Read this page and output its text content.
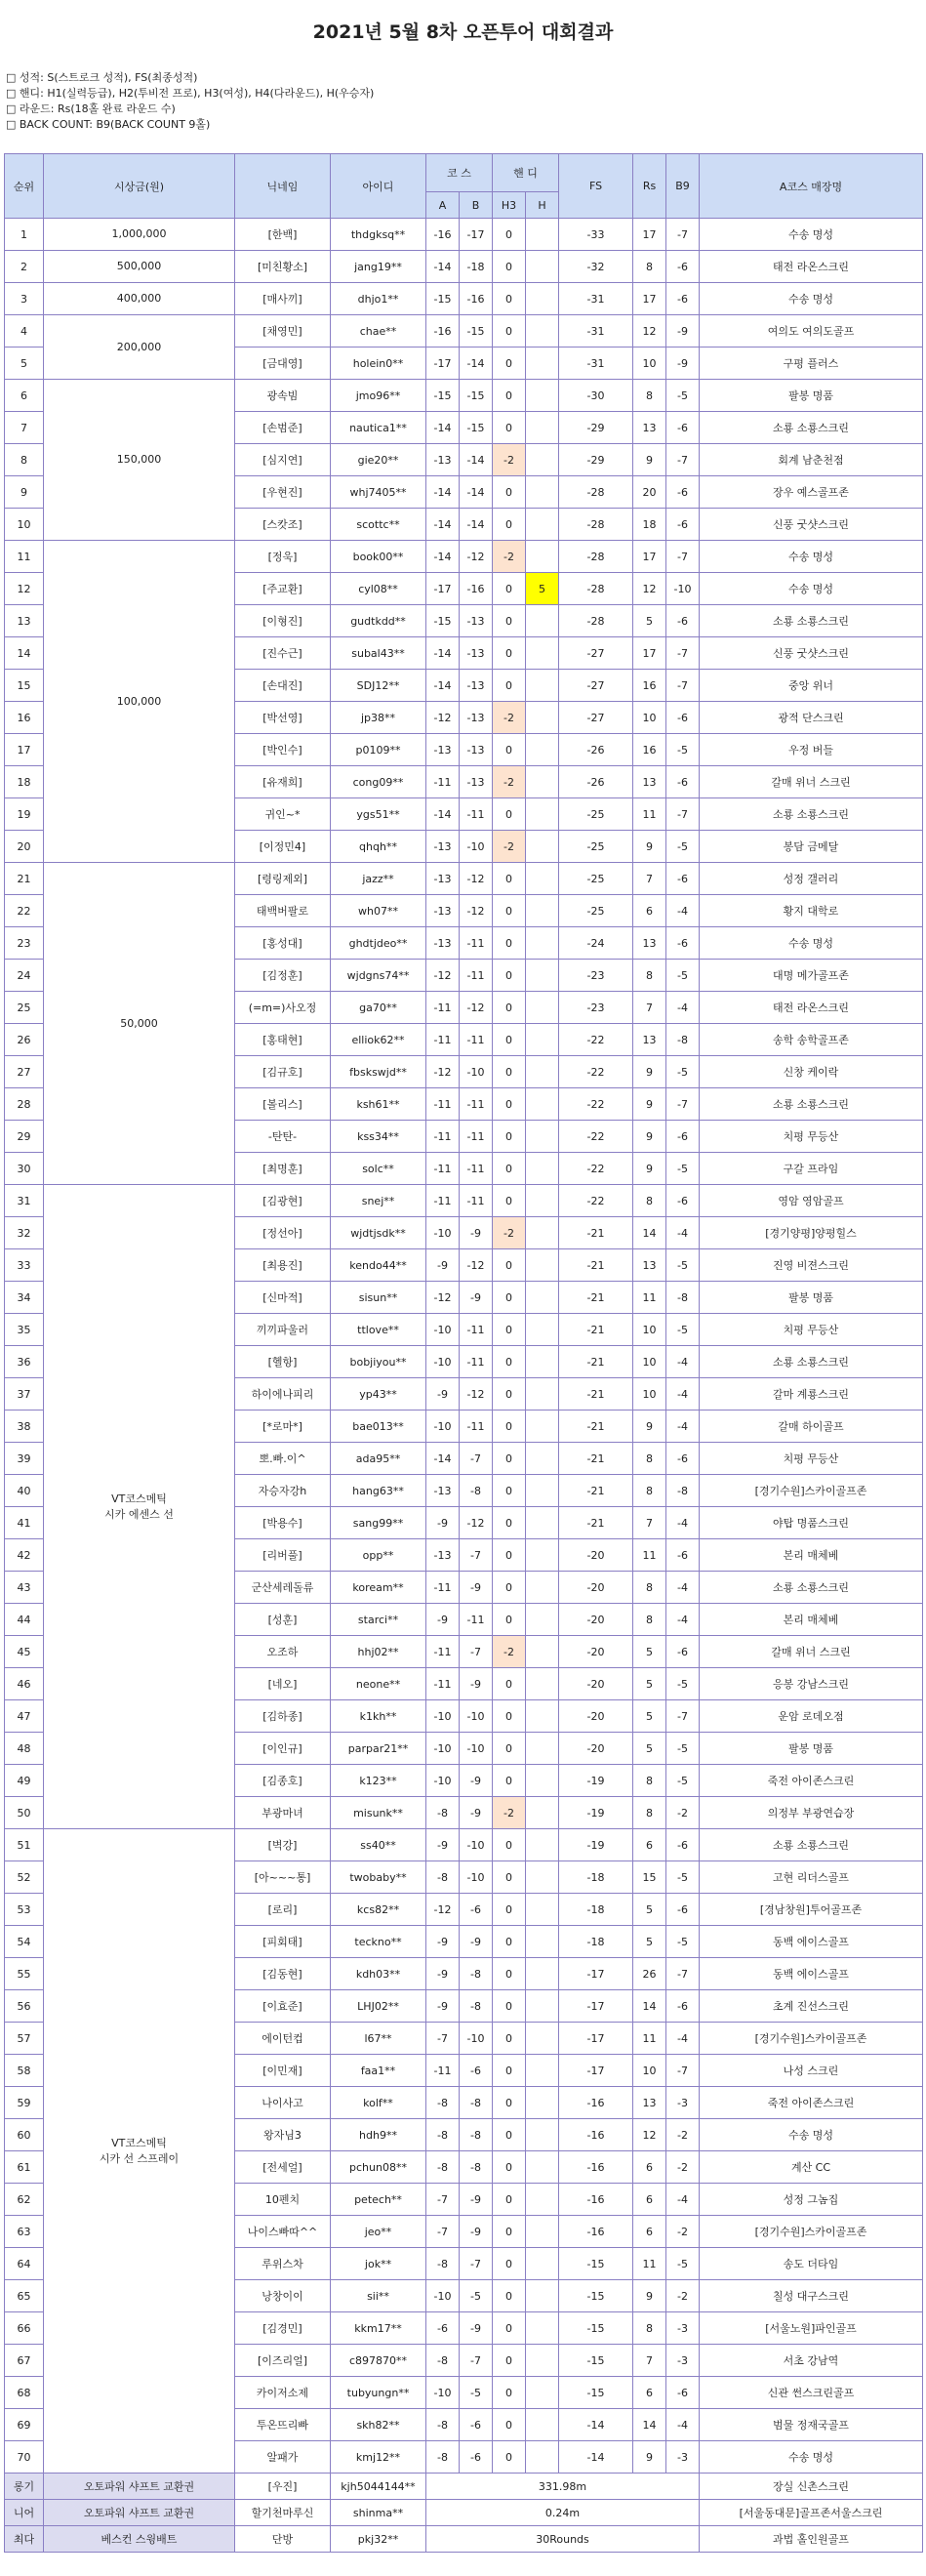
2021년 5월 8차 오픈투어 대회결과
□ 성적: S(스트로크 성적), FS(최종성적)
□ 핸디: H1(실력등급), H2(투비전 프로), H3(여성), H4(다라운드), H(우승자)
□ 라운드: Rs(18홀 완료 라운드 수)
□ BACK COUNT: B9(BACK COUNT 9홀)
순위	시상금(원)	닉네임	아이디	코 스		핸 디		FS	Rs	B9	A코스 매장명
				A	B	H3	H				
1	1,000,000	[한백]	thdgksq**	-16	-17	0		-33	17	-7	수송 명성
2	500,000	[미친황소]	jang19**	-14	-18	0		-32	8	-6	태전 라온스크린
3	400,000	[매사끼]	dhjo1**	-15	-16	0		-31	17	-6	수송 명성
4	200,000	[채영민]	chae**	-16	-15	0		-31	12	-9	여의도 여의도골프
5		[금대영]	holein0**	-17	-14	0		-31	10	-9	구평 플러스
6	150,000	광속빔	jmo96**	-15	-15	0		-30	8	-5	팔봉 명품
7		[손범준]	nautica1**	-14	-15	0		-29	13	-6	소룡 소룡스크린
8		[심지연]	gie20**	-13	-14	-2		-29	9	-7	회계 남춘천점
9		[우현진]	whj7405**	-14	-14	0		-28	20	-6	장우 예스골프존
10		[스캇조]	scottc**	-14	-14	0		-28	18	-6	신풍 굿샷스크린
11	100,000	[정욱]	book00**	-14	-12	-2		-28	17	-7	수송 명성
12		[주교환]	cyl08**	-17	-16	0	5	-28	12	-10	수송 명성
13		[이형진]	gudtkdd**	-15	-13	0		-28	5	-6	소룡 소룡스크린
14		[진수근]	subal43**	-14	-13	0		-27	17	-7	신풍 굿샷스크린
15		[손대진]	SDJ12**	-14	-13	0		-27	16	-7	중앙 위너
16		[박선영]	jp38**	-12	-13	-2		-27	10	-6	광적 단스크린
17		[박인수]	p0109**	-13	-13	0		-26	16	-5	우정 버들
18		[유재희]	cong09**	-11	-13	-2		-26	13	-6	갈매 위너 스크린
19		귀인~*	ygs51**	-14	-11	0		-25	11	-7	소룡 소룡스크린
20		[이정민4]	qhqh**	-13	-10	-2		-25	9	-5	봉담 금메달
21	50,000	[령링제외]	jazz**	-13	-12	0		-25	7	-6	성정 갤러리
22		태백버팔로	wh07**	-13	-12	0		-25	6	-4	황지 대학로
23		[홍성대]	ghdtjdeo**	-13	-11	0		-24	13	-6	수송 명성
24		[김정훈]	wjdgns74**	-12	-11	0		-23	8	-5	대명 메가골프존
25		(=m=)사오정	ga70**	-11	-12	0		-23	7	-4	태전 라온스크린
26		[홍태현]	elliok62**	-11	-11	0		-22	13	-8	송학 송학골프존
27		[김규호]	fbskswjd**	-12	-10	0		-22	9	-5	신창 케이락
28		[볼리스]	ksh61**	-11	-11	0		-22	9	-7	소룡 소룡스크린
29		-탄탄-	kss34**	-11	-11	0		-22	9	-6	치평 무등산
30		[최명훈]	solc**	-11	-11	0		-22	9	-5	구갈 프라임
31	VT코스메틱
시카 에센스 선	[김광현]	snej**	-11	-11	0		-22	8	-6	영암 영암골프
32		[정선아]	wjdtjsdk**	-10	-9	-2		-21	14	-4	[경기양평]양평힐스
33		[최용진]	kendo44**	-9	-12	0		-21	13	-5	진영 비젼스크린
34		[신마적]	sisun**	-12	-9	0		-21	11	-8	팔봉 명품
35		끼끼파울러	ttlove**	-10	-11	0		-21	10	-5	치평 무등산
36		[헬항]	bobjiyou**	-10	-11	0		-21	10	-4	소룡 소룡스크린
37		하이에나피리	yp43**	-9	-12	0		-21	10	-4	갈마 계룡스크린
38		[*로마*]	bae013**	-10	-11	0		-21	9	-4	갈매 하이골프
39		뽀.빠.이^	ada95**	-14	-7	0		-21	8	-6	치평 무등산
40		자승자강h	hang63**	-13	-8	0		-21	8	-8	[경기수원]스카이골프존
41		[박용수]	sang99**	-9	-12	0		-21	7	-4	야탑 명품스크린
42		[리버풀]	opp**	-13	-7	0		-20	11	-6	본리 매체베
43		군산세레돌류	koream**	-11	-9	0		-20	8	-4	소룡 소룡스크린
44		[성훈]	starci**	-9	-11	0		-20	8	-4	본리 매체베
45		오조하	hhj02**	-11	-7	-2		-20	5	-6	갈매 위너 스크린
46		[네오]	neone**	-11	-9	0		-20	5	-5	응봉 강남스크린
47		[김하종]	k1kh**	-10	-10	0		-20	5	-7	운암 로데오점
48		[이인규]	parpar21**	-10	-10	0		-20	5	-5	팔봉 명품
49		[김종호]	k123**	-10	-9	0		-19	8	-5	죽전 아이존스크린
50		부광마녀	misunk**	-8	-9	-2		-19	8	-2	의정부 부광연습장
51	VT코스메틱
시카 선 스프레이	[벽강]	ss40**	-9	-10	0		-19	6	-6	소룡 소룡스크린
52		[아~~~통]	twobaby**	-8	-10	0		-18	15	-5	고현 리더스골프
53		[로리]	kcs82**	-12	-6	0		-18	5	-6	[경남창원]투어골프존
54		[피회태]	teckno**	-9	-9	0		-18	5	-5	동백 에이스골프
55		[김동현]	kdh03**	-9	-8	0		-17	26	-7	동백 에이스골프
56		[이효준]	LHJ02**	-9	-8	0		-17	14	-6	초계 진선스크린
57		에이턴컵	l67**	-7	-10	0		-17	11	-4	[경기수원]스카이골프존
58		[이민재]	faa1**	-11	-6	0		-17	10	-7	나성 스크린
59		나이사고	kolf**	-8	-8	0		-16	13	-3	죽전 아이존스크린
60		왕자님3	hdh9**	-8	-8	0		-16	12	-2	수송 명성
61		[전세얼]	pchun08**	-8	-8	0		-16	6	-2	계산 CC
62		10펜치	petech**	-7	-9	0		-16	6	-4	성정 그놈집
63		나이스빠따^^	jeo**	-7	-9	0		-16	6	-2	[경기수원]스카이골프존
64		루위스차	jok**	-8	-7	0		-15	11	-5	송도 더타임
65		낭창이이	sii**	-10	-5	0		-15	9	-2	칠성 대구스크린
66		[김경민]	kkm17**	-6	-9	0		-15	8	-3	[서울노원]파인골프
67		[이즈리얼]	c897870**	-8	-7	0		-15	7	-3	서초 강남역
68		카이저소제	tubyungn**	-10	-5	0		-15	6	-6	신관 썬스크린골프
69		투온뜨리빠	skh82**	-8	-6	0		-14	14	-4	범물 정재국골프
70		알패가	kmj12**	-8	-6	0		-14	9	-3	수송 명성
롱기	오토파워 샤프트 교환권	[우진]	kjh5044144**	331.98m							장실 신촌스크린
니어	오토파워 샤프트 교환권	할기천마루신	shinma**	0.24m							[서울동대문]골프존서울스크린
최다	베스컨 스윙배트	단방	pkj32**	30Rounds							과법 홀인원골프
